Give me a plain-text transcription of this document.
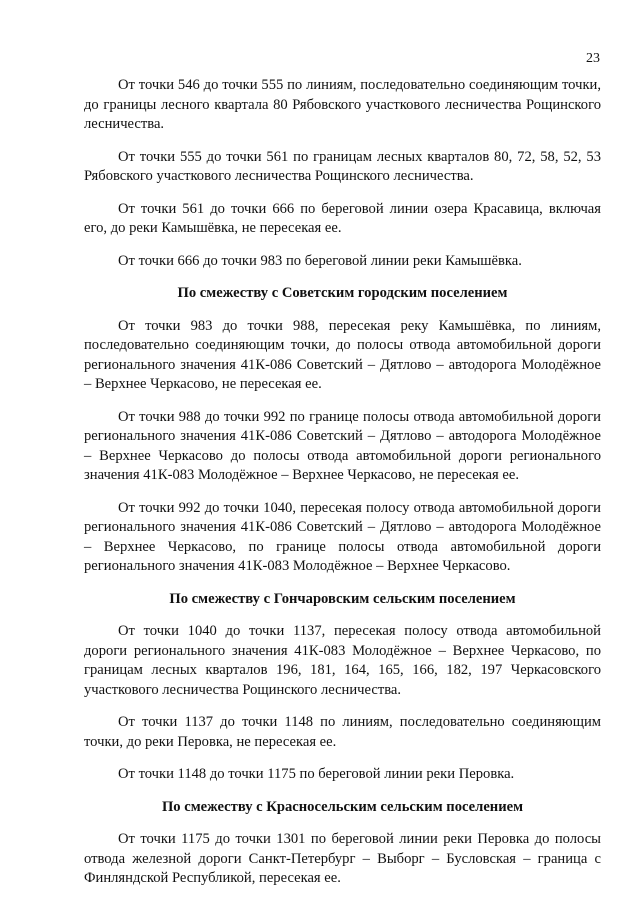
23

От точки 546 до точки 555 по линиям, последовательно соединяющим точки, до границы лесного квартала 80 Рябовского участкового лесничества Рощинского лесничества.

От точки 555 до точки 561 по границам лесных кварталов 80, 72, 58, 52, 53 Рябовского участкового лесничества Рощинского лесничества.

От точки 561 до точки 666 по береговой линии озера Красавица, включая его, до реки Камышёвка, не пересекая ее.

От точки 666 до точки 983 по береговой линии реки Камышёвка.

По смежеству с Советским городским поселением

От точки 983 до точки 988, пересекая реку Камышёвка, по линиям, последовательно соединяющим точки, до полосы отвода автомобильной дороги регионального значения 41К-086 Советский – Дятлово – автодорога Молодёжное – Верхнее Черкасово, не пересекая ее.

От точки 988 до точки 992 по границе полосы отвода автомобильной дороги регионального значения 41К-086 Советский – Дятлово – автодорога Молодёжное – Верхнее Черкасово до полосы отвода автомобильной дороги регионального значения 41К-083 Молодёжное – Верхнее Черкасово, не пересекая ее.

От точки 992 до точки 1040, пересекая полосу отвода автомобильной дороги регионального значения 41К-086 Советский – Дятлово – автодорога Молодёжное – Верхнее Черкасово, по границе полосы отвода автомобильной дороги регионального значения 41К-083 Молодёжное – Верхнее Черкасово.

По смежеству с Гончаровским сельским поселением

От точки 1040 до точки 1137, пересекая полосу отвода автомобильной дороги регионального значения 41К-083 Молодёжное – Верхнее Черкасово, по границам лесных кварталов 196, 181, 164, 165, 166, 182, 197 Черкасовского участкового лесничества Рощинского лесничества.

От точки 1137 до точки 1148 по линиям, последовательно соединяющим точки, до реки Перовка, не пересекая ее.

От точки 1148 до точки 1175 по береговой линии реки Перовка.

По смежеству с Красносельским сельским поселением

От точки 1175 до точки 1301 по береговой линии реки Перовка до полосы отвода железной дороги Санкт-Петербург – Выборг – Бусловская – граница с Финляндской Республикой, пересекая ее.
